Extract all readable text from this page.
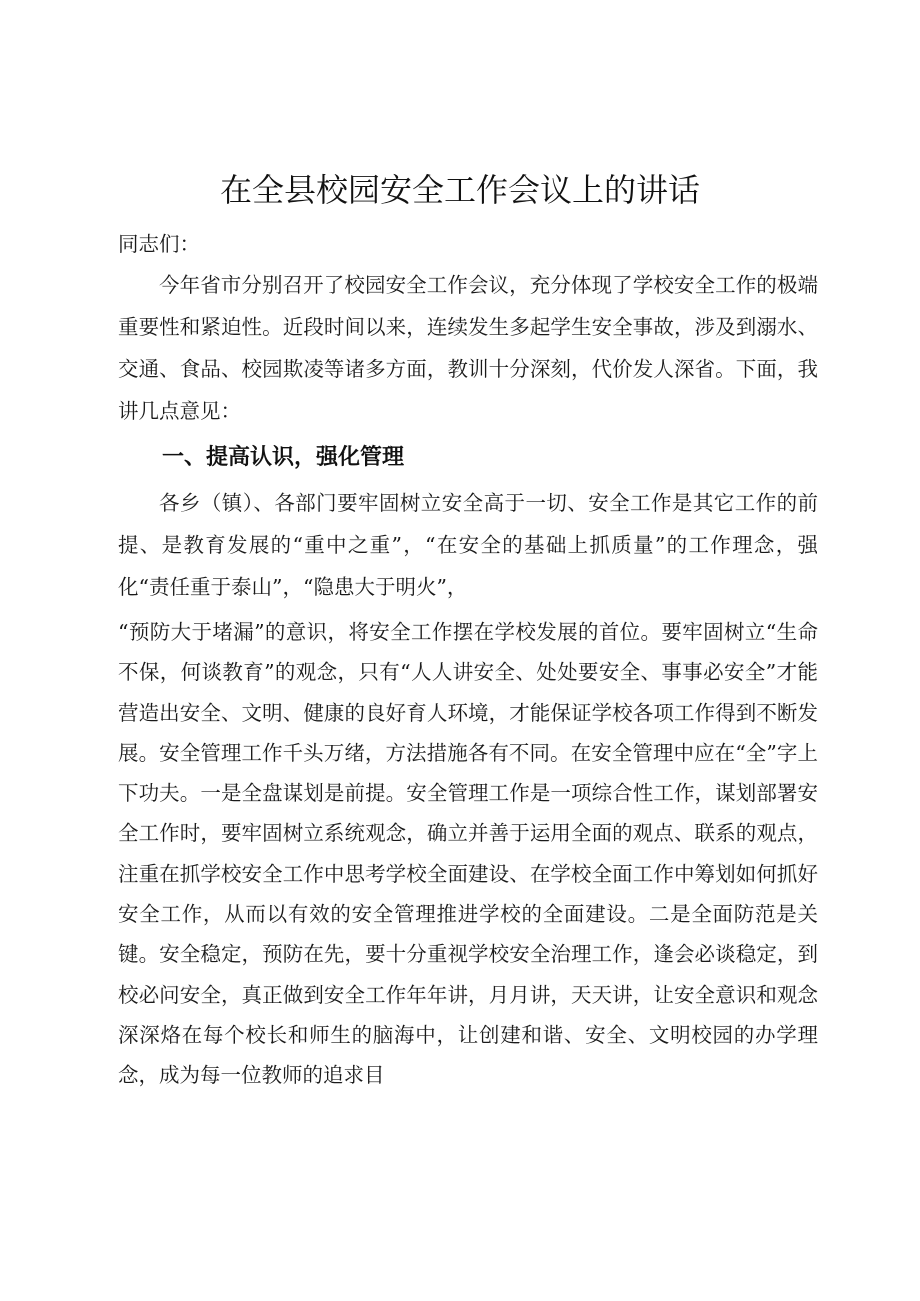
在全县校园安全工作会议上的讲话

同志们：

今年省市分别召开了校园安全工作会议，充分体现了学校安全工作的极端重要性和紧迫性。近段时间以来，连续发生多起学生安全事故，涉及到溺水、交通、食品、校园欺凌等诸多方面，教训十分深刻，代价发人深省。下面，我讲几点意见：

一、提高认识，强化管理

各乡（镇）、各部门要牢固树立安全高于一切、安全工作是其它工作的前提、是教育发展的“重中之重”，“在安全的基础上抓质量”的工作理念，强化“责任重于泰山”，“隐患大于明火”，

“预防大于堵漏”的意识，将安全工作摆在学校发展的首位。要牢固树立“生命不保，何谈教育”的观念，只有“人人讲安全、处处要安全、事事必安全”才能营造出安全、文明、健康的良好育人环境，才能保证学校各项工作得到不断发展。安全管理工作千头万绪，方法措施各有不同。在安全管理中应在“全”字上下功夫。一是全盘谋划是前提。安全管理工作是一项综合性工作，谋划部署安全工作时，要牢固树立系统观念，确立并善于运用全面的观点、联系的观点，注重在抓学校安全工作中思考学校全面建设、在学校全面工作中筹划如何抓好安全工作，从而以有效的安全管理推进学校的全面建设。二是全面防范是关键。安全稳定，预防在先，要十分重视学校安全治理工作，逢会必谈稳定，到校必问安全，真正做到安全工作年年讲，月月讲，天天讲，让安全意识和观念深深烙在每个校长和师生的脑海中，让创建和谐、安全、文明校园的办学理念，成为每一位教师的追求目
